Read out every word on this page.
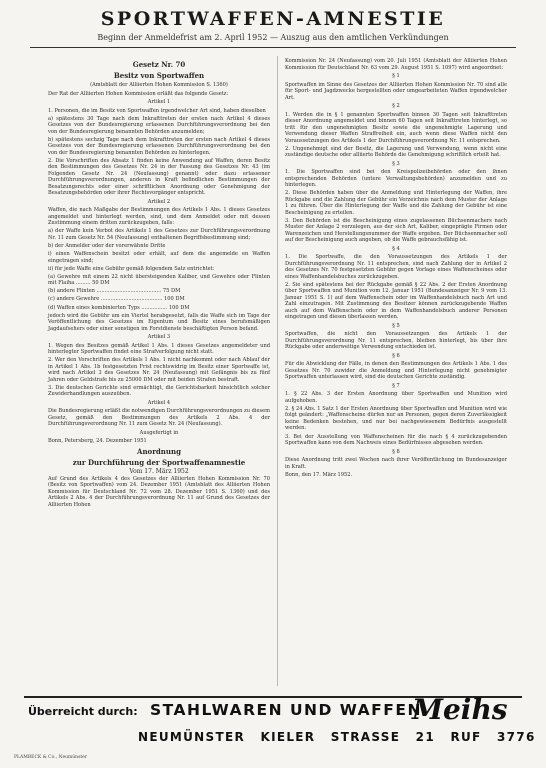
SPORTWAFFEN-AMNESTIE
Beginn der Anmeldefrist am 2. April 1952 — Auszug aus den amtlichen Verkündungen

Gesetz Nr. 70

Besitz von Sportwaffen

(Amtsblatt der Alliierten Hohen Kommission S. 1360)

Der Rat der Alliierten Hohen Kommission erläßt das folgende Gesetz:

Artikel 1

1. Personen, die im Besitz von Sportwaffen irgendwelcher Art sind, haben dieselben

a) spätestens 30 Tage nach dem Inkrafttreten der ersten nach Artikel 4 dieses Gesetzes von der Bundesregierung erlassenen Durchführungsverordnung bei den von der Bundesregierung benannten Behörden anzumelden;

b) spätestens sechzig Tage nach dem Inkrafttreten der ersten nach Artikel 4 dieses Gesetzes von der Bundesregierung erlassenen Durchführungsverordnung bei den von der Bundesregierung benannten Behörden zu hinterlegen.

2. Die Vorschriften des Absatz 1 finden keine Anwendung auf Waffen, deren Besitz den Bestimmungen des Gesetzes Nr. 24 in der Fassung des Gesetzes Nr. 43 (im Folgenden Gesetz Nr. 24 (Neufassung) genannt) oder dazu erlassener Durchführungsverordnungen, anderen in Kraft befindlichen Bestimmungen der Besatzungsrechts oder einer schriftlichen Anordnung oder Genehmigung der Besatzungsbehörden oder ihrer Rechtsvorgänger entspricht.

Artikel 2

Waffen, die nach Maßgabe der Bestimmungen des Artikels 1 Abs. 1 dieses Gesetzes angemeldet und hinterlegt werden, sind, und dem Anmeldet oder mit dessen Zustimmung einem dritten zurückzugeben, falls:

a) der Waffe kein Verbot des Artikels 1 des Gesetzes zur Durchführungsverordnung Nr. 11 zum Gesetz Nr. 54 (Neufassung) enthaltenen Begriffsbestimmung sind;

b) der Anmelder oder der vorerwähnte Dritte

i) einen Waffenschein besitzt oder erhält, auf dem die angemelde en Waffen eingetragen sind;

ii) für jede Waffe eine Gebühr gemäß folgendem Satz entrichtet:

(a) Gewehre mit einem 22 nicht übersteigenden Kaliber, und Gewehre oder Flinten mit Flaiha ......... 50 DM

(b) andere Flinten ........................................ 75 DM

(c) andere Gewehre ...................................... 100 DM

(d) Waffen eines kombinierten Typs ................ 100 DM

jedoch wird die Gebühr um ein Viertel herabgesetzt, falls die Waffe sich im Tage der Veröffentlichung des Gesetzes im Eigentum und Besitz eines berufsmäßigen Jagdaufsehers oder einer sonstigen im Forstdienste beschäftigten Person befand.

Artikel 3

1. Wegen des Besitzes gemäß Artikel 1 Abs. 1 dieses Gesetzes angemeldeter und hinterlegter Sportwaffen findet eine Strafverfolgung nicht statt.

2. Wer den Vorschriften des Artikels 1 Abs. 1 nicht nachkommt oder nach Ablauf der in Artikel 1 Abs. 1b festgesetzten Frist rechtswidrig im Besitz einer Sportwaffe ist, wird nach Artikel 3 des Gesetzes Nr. 24 (Neufassung) mit Gefängnis bis zu fünf Jahren oder Geldstrafe bis zu 25000 DM oder mit beiden Strafen bestraft.

3. Die deutschen Gerichte sind ermächtigt, die Gerichtsbarkeit hinsichtlich solcher Zuwiderhandlungen auszuüben.

Artikel 4

Die Bundesregierung erläßt die notwendigen Durchführungsverordnungen zu diesem Gesetz, gemäß den Bestimmungen des Artikels 2 Abs. 4 der Durchführungsverordnung Nr. 11 zum Gesetz Nr. 24 (Neufassung).

Ausgefertigt in

Bonn, Petersberg, 24. Dezember 1951

Anordnung

zur Durchführung der Sportwaffenamnestie

Vom 17. März 1952

Auf Grund des Artikels 4 des Gesetzes der Alliierten Hohen Kommission Nr. 70 (Besitz von Sportwaffen) vom 24. Dezember 1951 (Amtsblatt des Alliierten Hohen Kommission für Deutschland Nr. 72 vom 28. Dezember 1951 S. 1360) und des Artikels 2 Abs. 4 der Durchführungsverordnung Nr. 11 auf Grund des Gesetzes der Alliierten Hohen

Kommission Nr. 24 (Neufassung) vom 20. Juli 1951 (Amtsblatt der Alliierten Hohen Kommission für Deutschland Nr. 63 vom 29. August 1951 S. 1097) wird angeordnet:

§ 1

Sportwaffen im Sinne des Gesetzes der Alliierten Hohen Kommission Nr. 70 sind alle für Sport- und Jagdzwecke hergestellten oder umgearbeiteten Waffen irgendwelcher Art.

§ 2

1. Werden die in § 1 genannten Sportwaffen binnen 30 Tagen seit Inkrafttreten dieser Anordnung angemeldet und binnen 60 Tagen seit Inkrafttreten hinterlegt, so tritt für den ungenehmigten Besitz sowie die ungenehmigte Lagerung und Verwendung dieser Waffen Straffreiheit ein, auch wenn diese Waffen nicht den Voraussetzungen des Artikels 1 der Durchführungsverordnung Nr. 11 entsprechen.

2. Ungenehmigt sind der Besitz, die Lagerung und Verwendung, wenn nicht eine zuständige deutsche oder alliierte Behörde die Genehmigung schriftlich erteilt hat.

§ 3

1. Die Sportwaffen sind bei den Kreispolizeibehörden oder den ihnen entsprechenden Behörden (untere Verwaltungsbehörden) anzumelden und zu hinterlegen.

2. Diese Behörden haben über die Anmeldung und Hinterlegung der Waffen, ihre Rückgabe und die Zahlung der Gebühr ein Verzeichnis nach dem Muster der Anlage 1 zu führen. Über die Hinterlegung der Waffe und die Zahlung der Gebühr ist eine Bescheinigung zu erteilen.

3. Den Behörden ist die Bescheinigung eines zugelassenen Büchsenmachers nach Muster der Anlage 2 vorzulegen, aus der sich Art, Kaliber, eingeprägte Firmen oder Warenzeichen und Herstellungsnummer der Waffe ergeben. Der Büchsenmacher soll auf der Bescheinigung auch angeben, ob die Waffe gebrauchsfähig ist.

§ 4

1. Die Sportwaffe, die den Voraussetzungen des Artikels 1 der Durchführungsverordnung Nr. 11 entsprechen, sind nach Zahlung der in Artikel 2 des Gesetzes Nr. 70 festgesetzten Gebühr gegen Vorlage eines Waffenscheines oder eines Waffenhandelsbuches zurückzugeben.

2. Sie sind spätestens bei der Rückgabe gemäß § 22 Abs. 2 der Ersten Anordnung über Sportwaffen und Munition vom 12. Januar 1951 (Bundesanzeiger Nr. 9 vom 13. Januar 1951 S. 1) auf dem Waffenschein oder im Waffenhandelsbuch nach Art und Zahl einzutragen. Mit Zustimmung des Besitzer können zurückzugebende Waffen auch auf dem Waffenschein oder in dem Waffenhandelsbuch anderer Personen eingetragen und diesen überlassen werden.

§ 5

Sportwaffen, die nicht den Voraussetzungen des Artikels 1 der Durchführungsverordnung Nr. 11 entsprechen, bleiben hinterlegt, bis über ihre Rückgabe oder anderweitige Verwendung entschieden ist.

§ 6

Für die Abwicklung der Fälle, in denen den Bestimmungen des Artikels 1 Abs. 1 des Gesetzes Nr. 70 zuwider die Anmeldung und Hinterlegung nicht genehmigter Sportwaffen unterlassen wird, sind die deutschen Gerichte zuständig.

§ 7

1. § 22 Abs. 3 der Ersten Anordnung über Sportwaffen und Munition wird aufgehoben.

2. § 24 Abs. 1 Satz 1 der Ersten Anordnung über Sportwaffen und Munition wird wie folgt geändert: „Waffenscheine dürfen nur an Personen, gegen deren Zuverlässigkeit keine Bedenken bestehen, und nur bei nachgewiesenem Bedürfnis ausgestellt werden.

3. Bei der Ausstellung von Waffenscheinen für die nach § 4 zurückzugebenden Sportwaffen kann von dem Nachweis eines Bedürfnisses abgesehen werden.

§ 8

Diese Anordnung tritt zwei Wochen nach ihrer Veröffentlichung im Bundesanzeiger in Kraft.

Bonn, den 17. März 1952.

Überreicht durch: STAHLWAREN UND WAFFEN
Meihs
NEUMÜNSTER KIELER STRASSE 21 RUF 3776
PLAMBECK & Co., Neumünster
